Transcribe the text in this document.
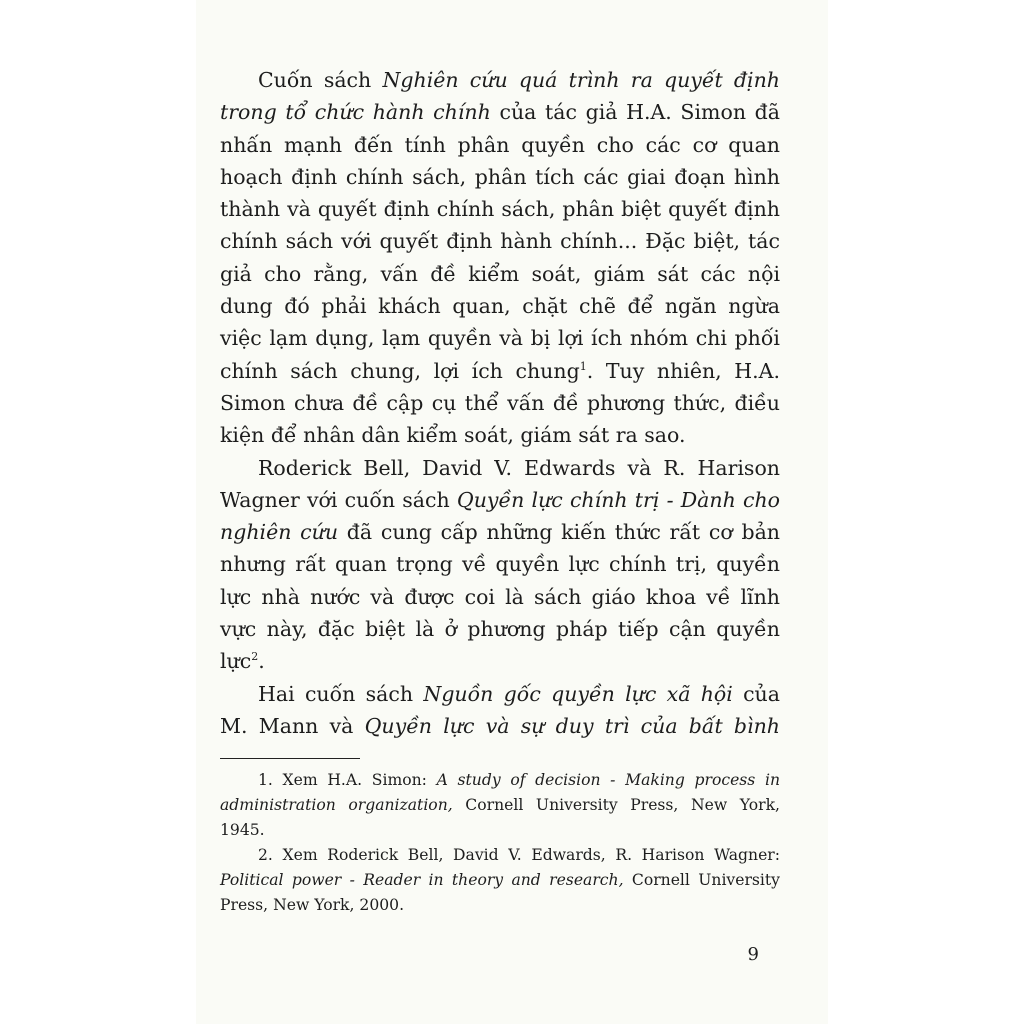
Cuốn sách Nghiên cứu quá trình ra quyết định trong tổ chức hành chính của tác giả H.A. Simon đã nhấn mạnh đến tính phân quyền cho các cơ quan hoạch định chính sách, phân tích các giai đoạn hình thành và quyết định chính sách, phân biệt quyết định chính sách với quyết định hành chính... Đặc biệt, tác giả cho rằng, vấn đề kiểm soát, giám sát các nội dung đó phải khách quan, chặt chẽ để ngăn ngừa việc lạm dụng, lạm quyền và bị lợi ích nhóm chi phối chính sách chung, lợi ích chung$^1$. Tuy nhiên, H.A. Simon chưa đề cập cụ thể vấn đề phương thức, điều kiện để nhân dân kiểm soát, giám sát ra sao.

Roderick Bell, David V. Edwards và R. Harison Wagner với cuốn sách Quyền lực chính trị - Dành cho nghiên cứu đã cung cấp những kiến thức rất cơ bản nhưng rất quan trọng về quyền lực chính trị, quyền lực nhà nước và được coi là sách giáo khoa về lĩnh vực này, đặc biệt là ở phương pháp tiếp cận quyền lực$^2$.

Hai cuốn sách Nguồn gốc quyền lực xã hội của M. Mann và Quyền lực và sự duy trì của bất bình

1. Xem H.A. Simon: A study of decision - Making process in administration organization, Cornell University Press, New York, 1945.

2. Xem Roderick Bell, David V. Edwards, R. Harison Wagner: Political power - Reader in theory and research, Cornell University Press, New York, 2000.

9
